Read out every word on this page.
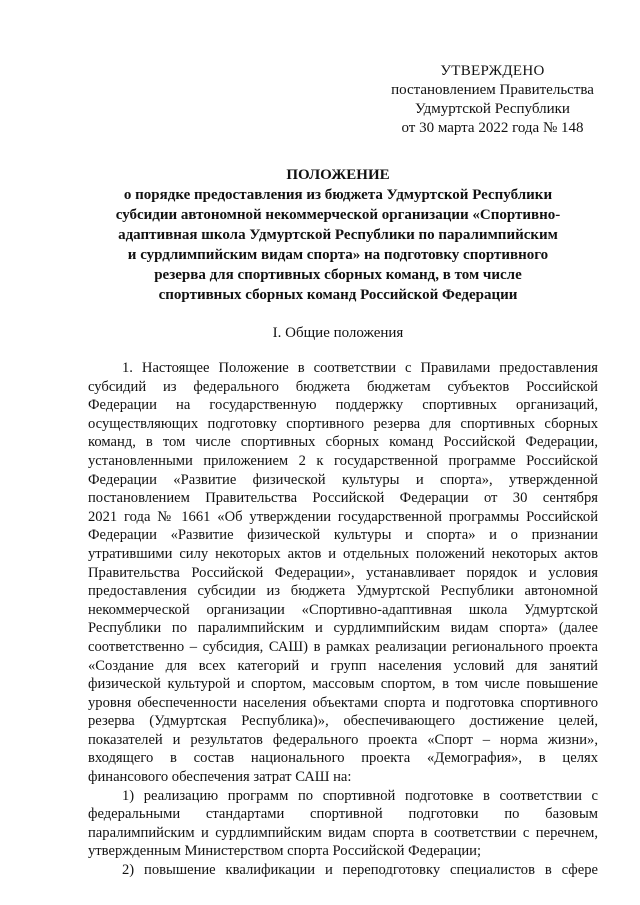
УТВЕРЖДЕНО
постановлением Правительства
Удмуртской Республики
от 30 марта 2022 года № 148
ПОЛОЖЕНИЕ
о порядке предоставления из бюджета Удмуртской Республики
субсидии автономной некоммерческой организации «Спортивно-
адаптивная школа Удмуртской Республики по паралимпийским
и сурдлимпийским видам спорта» на подготовку спортивного
резерва для спортивных сборных команд, в том числе
спортивных сборных команд Российской Федерации
I. Общие положения
1. Настоящее Положение в соответствии с Правилами предоставления
субсидий из федерального бюджета бюджетам субъектов Российской
Федерации на государственную поддержку спортивных организаций,
осуществляющих подготовку спортивного резерва для спортивных сборных
команд, в том числе спортивных сборных команд Российской Федерации,
установленными приложением 2 к государственной программе Российской
Федерации «Развитие физической культуры и спорта», утвержденной
постановлением Правительства Российской Федерации от 30 сентября
2021 года № 1661 «Об утверждении государственной программы Российской
Федерации «Развитие физической культуры и спорта» и о признании
утратившими силу некоторых актов и отдельных положений некоторых актов
Правительства Российской Федерации», устанавливает порядок и условия
предоставления субсидии из бюджета Удмуртской Республики автономной
некоммерческой организации «Спортивно-адаптивная школа Удмуртской
Республики по паралимпийским и сурдлимпийским видам спорта» (далее
соответственно – субсидия, САШ) в рамках реализации регионального проекта
«Создание для всех категорий и групп населения условий для занятий
физической культурой и спортом, массовым спортом, в том числе повышение
уровня обеспеченности населения объектами спорта и подготовка спортивного
резерва (Удмуртская Республика)», обеспечивающего достижение целей,
показателей и результатов федерального проекта «Спорт – норма жизни»,
входящего в состав национального проекта «Демография», в целях
финансового обеспечения затрат САШ на:
1) реализацию программ по спортивной подготовке в соответствии с
федеральными стандартами спортивной подготовки по базовым
паралимпийским и сурдлимпийским видам спорта в соответствии с перечнем,
утвержденным Министерством спорта Российской Федерации;
2) повышение квалификации и переподготовку специалистов в сфере
